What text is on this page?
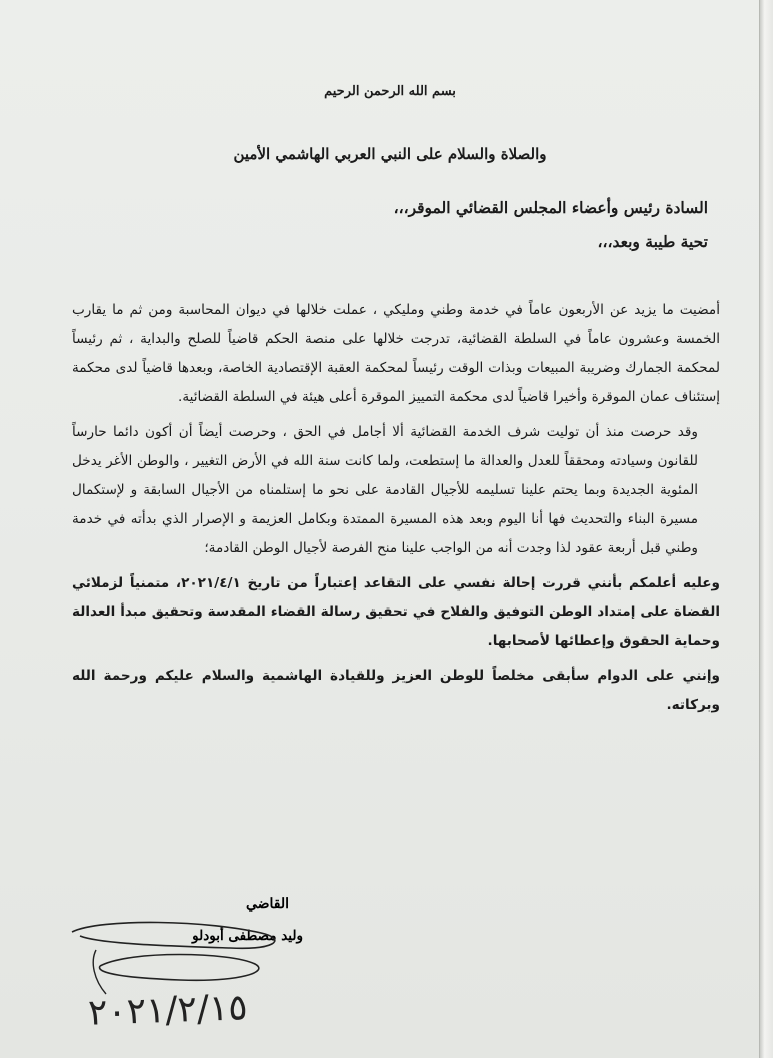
بسم الله الرحمن الرحيم
والصلاة والسلام على النبي العربي الهاشمي الأمين

السادة رئيس وأعضاء المجلس القضائي الموقر،،،

تحية طيبة وبعد،،،

أمضيت ما يزيد عن الأربعون عاماً في خدمة وطني ومليكي ، عملت خلالها في ديوان المحاسبة ومن ثم ما يقارب الخمسة وعشرون عاماً في السلطة القضائية، تدرجت خلالها على منصة الحكم قاضياً للصلح والبداية ، ثم رئيساً لمحكمة الجمارك وضريبة المبيعات وبذات الوقت رئيساً لمحكمة العقبة الإقتصادية الخاصة، وبعدها قاضياً لدى محكمة إستئناف عمان الموقرة وأخيرا قاضياً لدى محكمة التمييز الموقرة أعلى هيئة في السلطة القضائية.

وقد حرصت منذ أن توليت شرف الخدمة القضائية ألا أجامل في الحق ، وحرصت أيضاً أن أكون دائما حارساً للقانون وسيادته ومحققاً للعدل والعدالة ما إستطعت، ولما كانت سنة الله في الأرض التغيير ، والوطن الأغر يدخل المئوية الجديدة وبما يحتم علينا تسليمه للأجيال القادمة على نحو ما إستلمناه من الأجيال السابقة و لإستكمال مسيرة البناء والتحديث فها أنا اليوم وبعد هذه المسيرة الممتدة وبكامل العزيمة و الإصرار الذي بدأته في خدمة وطني قبل أربعة عقود لذا وجدت أنه من الواجب علينا منح الفرصة لأجيال الوطن القادمة؛

وعليه أعلمكم بأنني قررت إحالة نفسي على التقاعد إعتباراً من تاريخ ٢٠٢١/٤/١، متمنياً لزملائي القضاة على إمتداد الوطن التوفيق والفلاح في تحقيق رسالة القضاء المقدسة وتحقيق مبدأ العدالة وحماية الحقوق وإعطائها لأصحابها.

وإنني على الدوام سأبقى مخلصاً للوطن العزيز وللقيادة الهاشمية والسلام عليكم ورحمة الله وبركاته.

القاضي
وليد مصطفى أبودلو
٢٠٢١/٢/١٥
